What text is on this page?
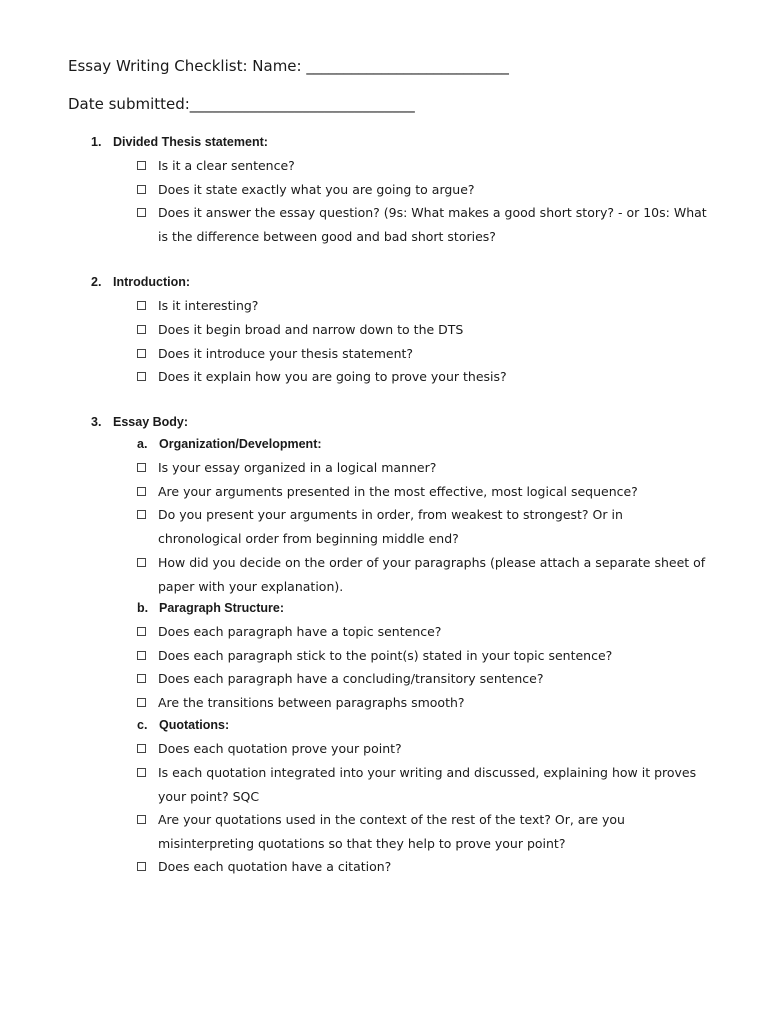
Essay Writing Checklist: Name: ___________________________
Date submitted:______________________________
1. Divided Thesis statement:
Is it a clear sentence?
Does it state exactly what you are going to argue?
Does it answer the essay question? (9s: What makes a good short story? - or 10s: What is the difference between good and bad short stories?
2. Introduction:
Is it interesting?
Does it begin broad and narrow down to the DTS
Does it introduce your thesis statement?
Does it explain how you are going to prove your thesis?
3. Essay Body:
a. Organization/Development:
Is your essay organized in a logical manner?
Are your arguments presented in the most effective, most logical sequence?
Do you present your arguments in order, from weakest to strongest? Or in chronological order from beginning middle end?
How did you decide on the order of your paragraphs (please attach a separate sheet of paper with your explanation).
b. Paragraph Structure:
Does each paragraph have a topic sentence?
Does each paragraph stick to the point(s) stated in your topic sentence?
Does each paragraph have a concluding/transitory sentence?
Are the transitions between paragraphs smooth?
c. Quotations:
Does each quotation prove your point?
Is each quotation integrated into your writing and discussed, explaining how it proves your point? SQC
Are your quotations used in the context of the rest of the text? Or, are you misinterpreting quotations so that they help to prove your point?
Does each quotation have a citation?
